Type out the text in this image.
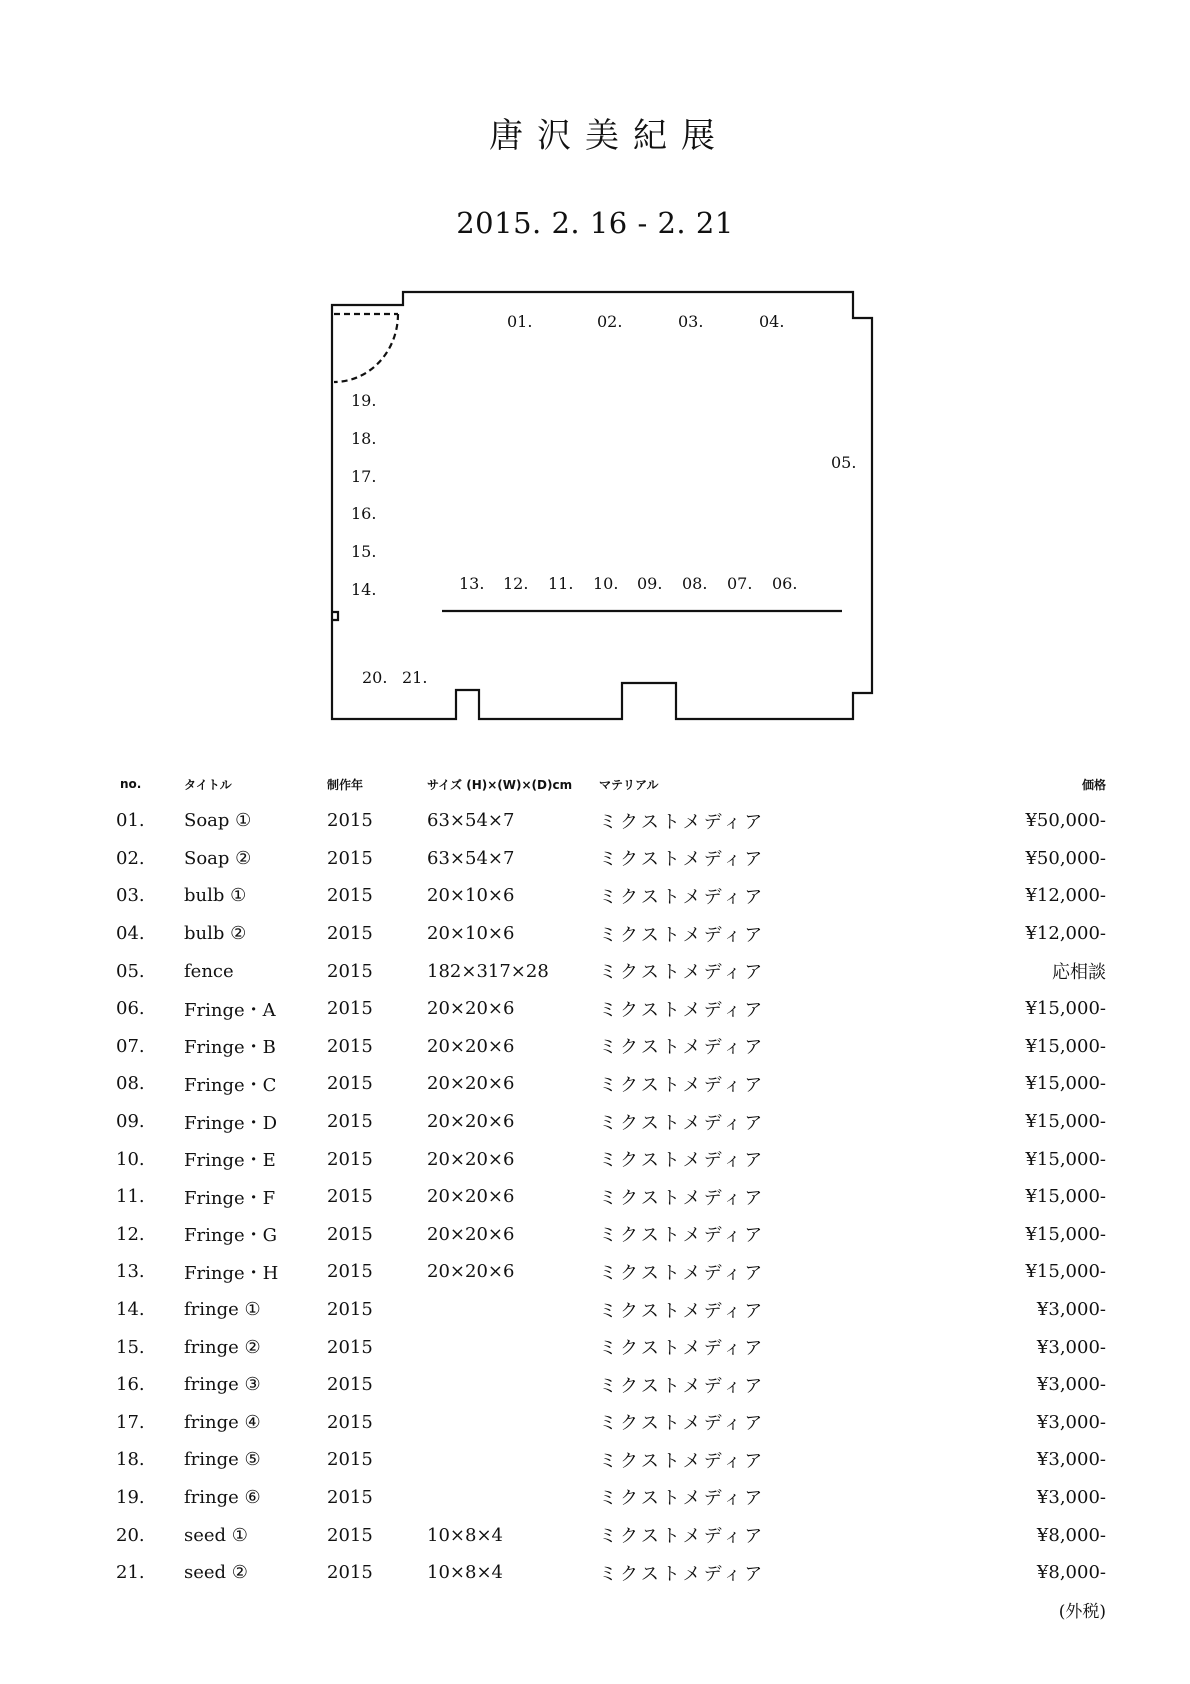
唐沢美紀展
2015. 2. 16 - 2. 21
01.	02.	03.	04.
05.
06.
07.
08.
09.
10.
11.
12.
13.
14.
15.
16.
17.
18.
19.
20. 21.
no.	タイトル	制作年	サイズ (H)×(W)×(D)cm	マテリアル	価格
01.	Soap ①	2015	63×54×7	ミクストメディア	¥50,000-
02.	Soap ②	2015	63×54×7	ミクストメディア	¥50,000-
03.	bulb ①	2015	20×10×6	ミクストメディア	¥12,000-
04.	bulb ②	2015	20×10×6	ミクストメディア	¥12,000-
05.	fence	2015	182×317×28	ミクストメディア	応相談
06.	Fringe・A	2015	20×20×6	ミクストメディア	¥15,000-
07.	Fringe・B	2015	20×20×6	ミクストメディア	¥15,000-
08.	Fringe・C	2015	20×20×6	ミクストメディア	¥15,000-
09.	Fringe・D	2015	20×20×6	ミクストメディア	¥15,000-
10.	Fringe・E	2015	20×20×6	ミクストメディア	¥15,000-
11.	Fringe・F	2015	20×20×6	ミクストメディア	¥15,000-
12.	Fringe・G	2015	20×20×6	ミクストメディア	¥15,000-
13.	Fringe・H	2015	20×20×6	ミクストメディア	¥15,000-
14.	fringe ①	2015		ミクストメディア	¥3,000-
15.	fringe ②	2015		ミクストメディア	¥3,000-
16.	fringe ③	2015		ミクストメディア	¥3,000-
17.	fringe ④	2015		ミクストメディア	¥3,000-
18.	fringe ⑤	2015		ミクストメディア	¥3,000-
19.	fringe ⑥	2015		ミクストメディア	¥3,000-
20.	seed ①	2015	10×8×4	ミクストメディア	¥8,000-
21.	seed ②	2015	10×8×4	ミクストメディア	¥8,000-
(外税)
